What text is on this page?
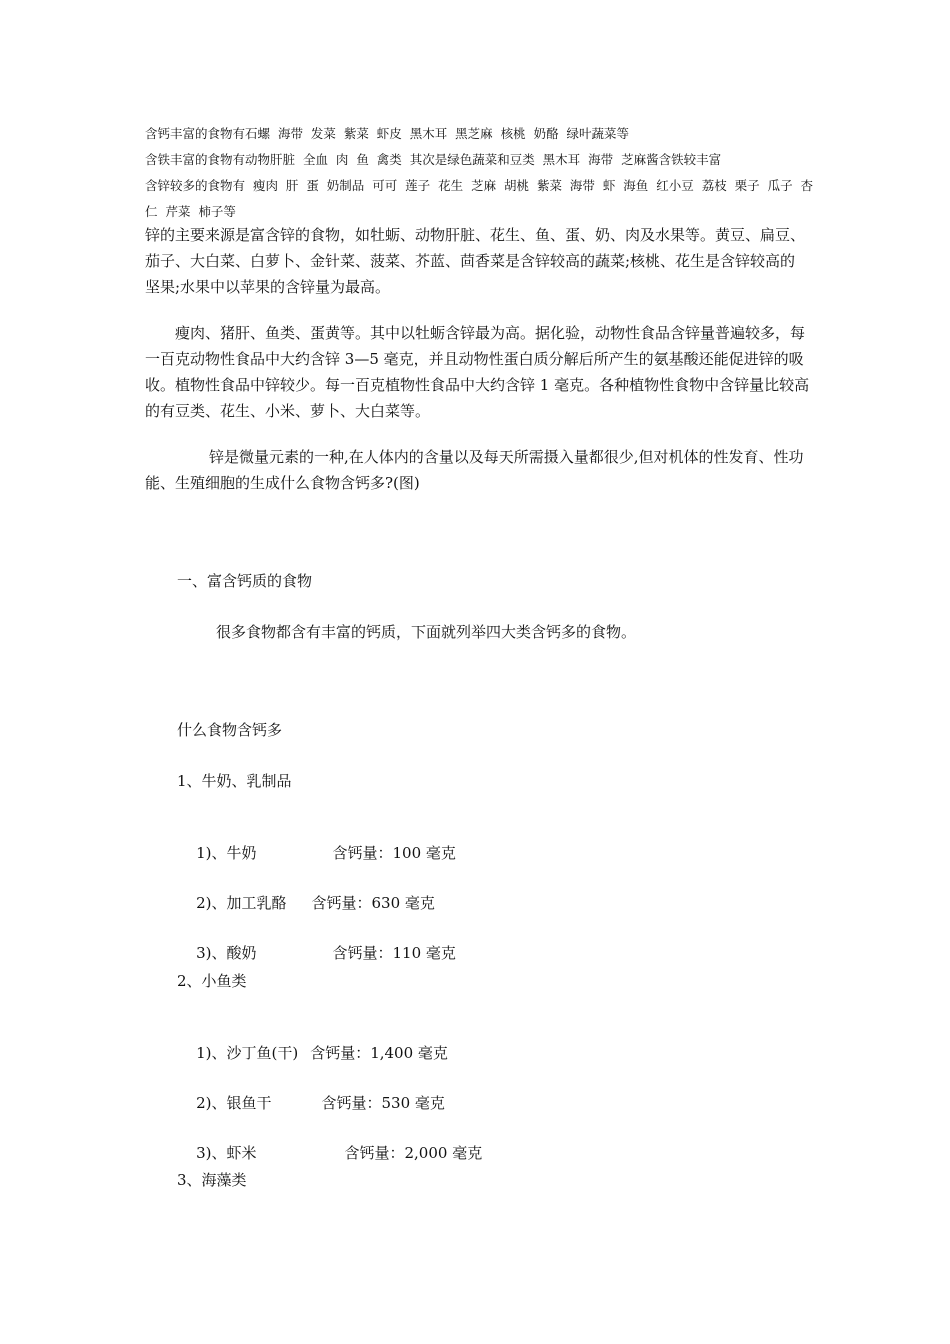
含钙丰富的食物有石螺  海带  发菜  紫菜  虾皮  黑木耳  黑芝麻  核桃  奶酪  绿叶蔬菜等
含铁丰富的食物有动物肝脏  全血  肉  鱼  禽类  其次是绿色蔬菜和豆类  黑木耳  海带  芝麻酱含铁较丰富
含锌较多的食物有  瘦肉  肝  蛋  奶制品  可可  莲子  花生  芝麻  胡桃  紫菜  海带  虾  海鱼  红小豆  荔枝  栗子  瓜子  杏仁  芹菜  柿子等
锌的主要来源是富含锌的食物，如牡蛎、动物肝脏、花生、鱼、蛋、奶、肉及水果等。黄豆、扁豆、茄子、大白菜、白萝卜、金针菜、菠菜、芥蓝、茴香菜是含锌较高的蔬菜;核桃、花生是含锌较高的坚果;水果中以苹果的含锌量为最高。
瘦肉、猪肝、鱼类、蛋黄等。其中以牡蛎含锌最为高。据化验，动物性食品含锌量普遍较多，每一百克动物性食品中大约含锌 3—5 毫克，并且动物性蛋白质分解后所产生的氨基酸还能促进锌的吸收。植物性食品中锌较少。每一百克植物性食品中大约含锌 1 毫克。各种植物性食物中含锌量比较高的有豆类、花生、小米、萝卜、大白菜等。
锌是微量元素的一种,在人体内的含量以及每天所需摄入量都很少,但对机体的性发育、性功能、生殖细胞的生成什么食物含钙多?(图)
一、富含钙质的食物
很多食物都含有丰富的钙质，下面就列举四大类含钙多的食物。
什么食物含钙多
1、牛奶、乳制品

1)、牛奶	含钙量：100 毫克

2)、加工乳酪 含钙量：630 毫克

3)、酸奶	含钙量：110 毫克

2、小鱼类

1)、沙丁鱼(干) 含钙量：1,400 毫克

2)、银鱼干	含钙量：530 毫克

3)、虾米	含钙量：2,000 毫克

3、海藻类
